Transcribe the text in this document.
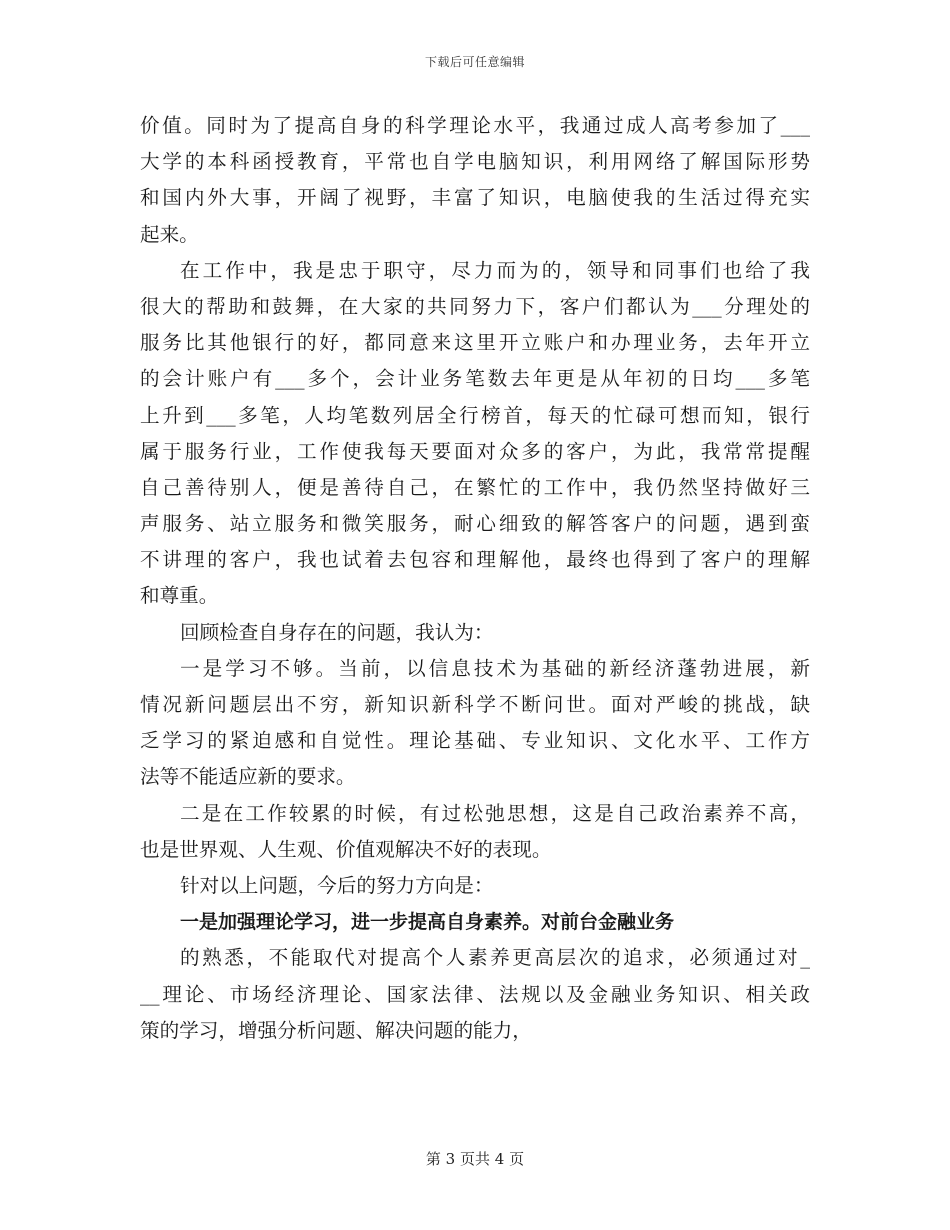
下载后可任意编辑
价值。同时为了提高自身的科学理论水平，我通过成人高考参加了___
大学的本科函授教育，平常也自学电脑知识，利用网络了解国际形势
和国内外大事，开阔了视野，丰富了知识，电脑使我的生活过得充实
起来。
在工作中，我是忠于职守，尽力而为的，领导和同事们也给了我
很大的帮助和鼓舞，在大家的共同努力下，客户们都认为___分理处的
服务比其他银行的好，都同意来这里开立账户和办理业务，去年开立
的会计账户有___多个，会计业务笔数去年更是从年初的日均___多笔
上升到___多笔，人均笔数列居全行榜首，每天的忙碌可想而知，银行
属于服务行业，工作使我每天要面对众多的客户，为此，我常常提醒
自己善待别人，便是善待自己，在繁忙的工作中，我仍然坚持做好三
声服务、站立服务和微笑服务，耐心细致的解答客户的问题，遇到蛮
不讲理的客户，我也试着去包容和理解他，最终也得到了客户的理解
和尊重。
回顾检查自身存在的问题，我认为：
一是学习不够。当前，以信息技术为基础的新经济蓬勃进展，新
情况新问题层出不穷，新知识新科学不断问世。面对严峻的挑战，缺
乏学习的紧迫感和自觉性。理论基础、专业知识、文化水平、工作方
法等不能适应新的要求。
二是在工作较累的时候，有过松弛思想，这是自己政治素养不高，
也是世界观、人生观、价值观解决不好的表现。
针对以上问题，今后的努力方向是：
一是加强理论学习，进一步提高自身素养。对前台金融业务
的熟悉，不能取代对提高个人素养更高层次的追求，必须通过对_
__理论、市场经济理论、国家法律、法规以及金融业务知识、相关政
策的学习，增强分析问题、解决问题的能力，
第 3 页共 4 页
